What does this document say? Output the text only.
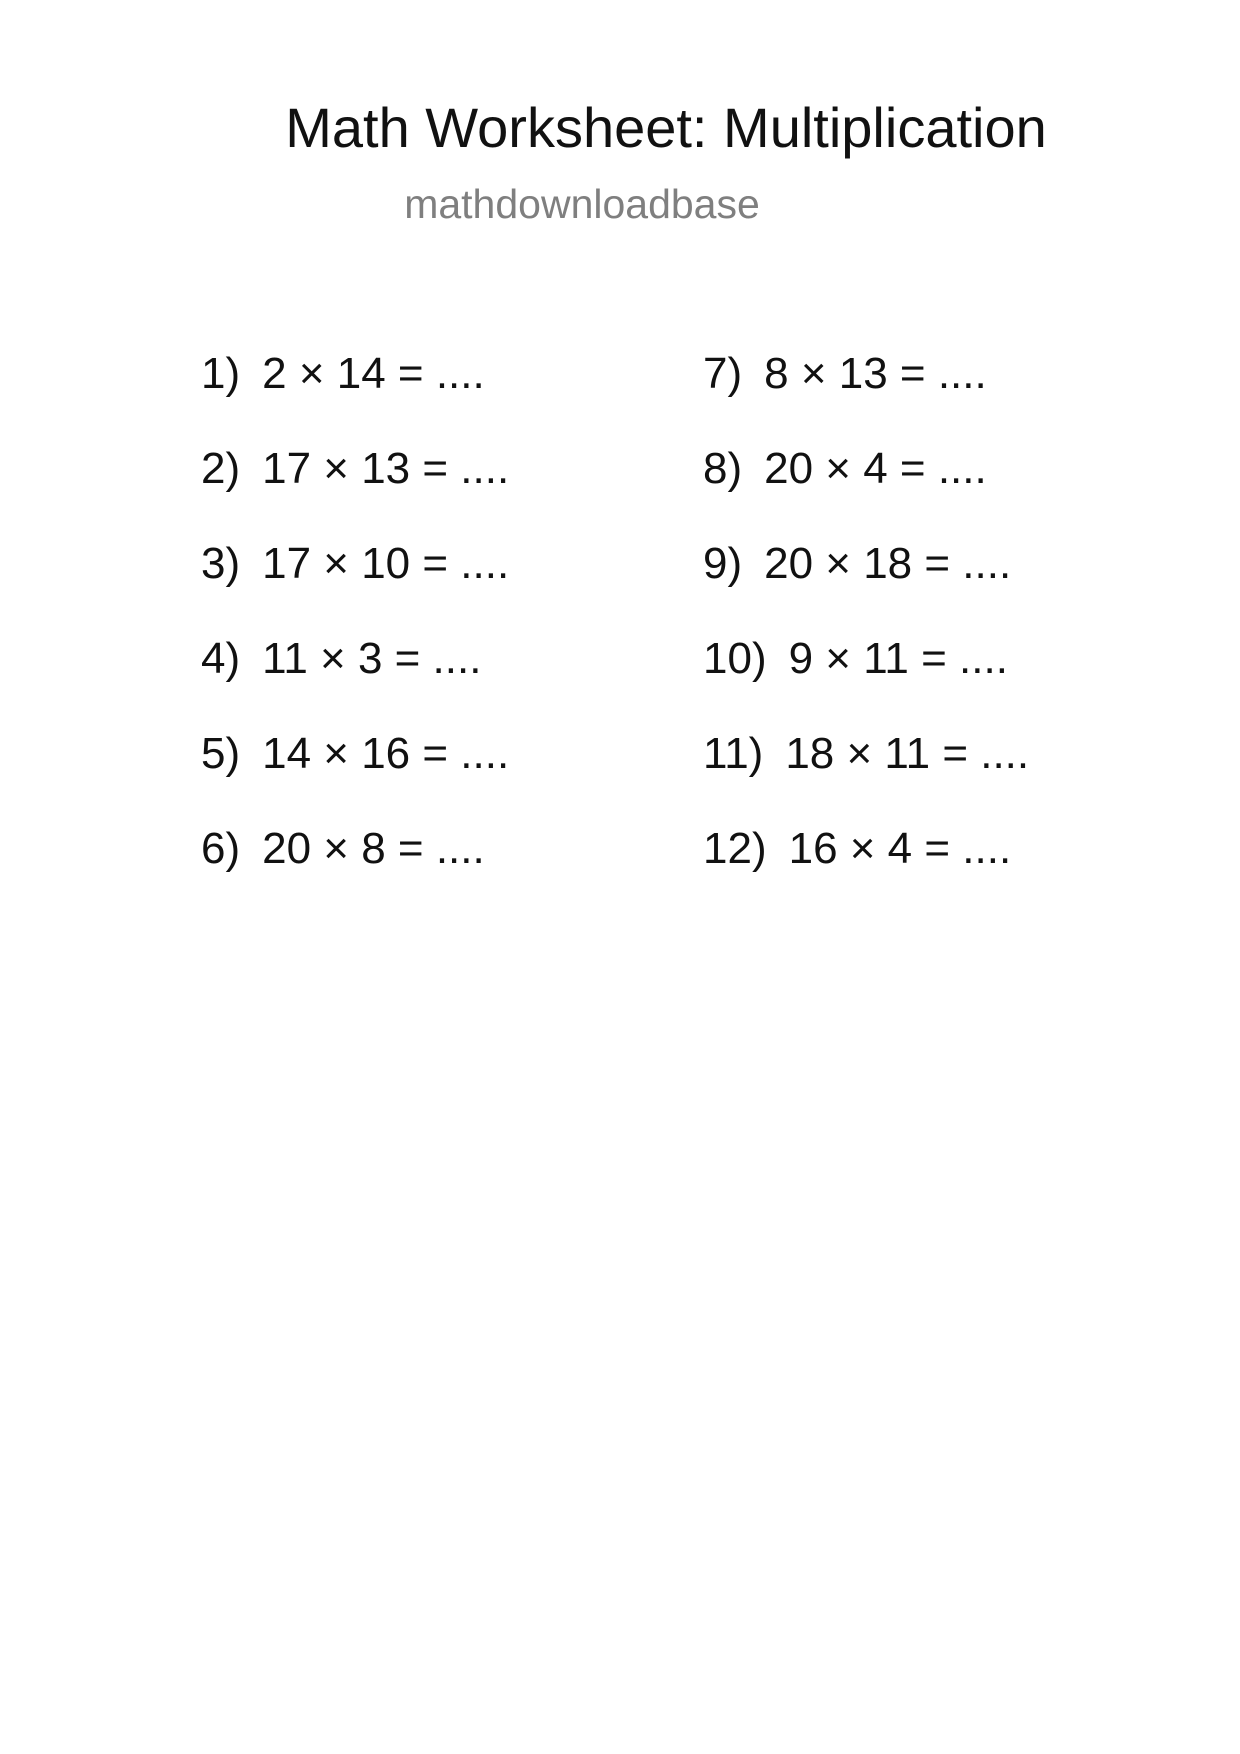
Math Worksheet: Multiplication
mathdownloadbase
1) 2 × 14 = ....
2) 17 × 13 = ....
3) 17 × 10 = ....
4) 11 × 3 = ....
5) 14 × 16 = ....
6) 20 × 8 = ....
7) 8 × 13 = ....
8) 20 × 4 = ....
9) 20 × 18 = ....
10) 9 × 11 = ....
11) 18 × 11 = ....
12) 16 × 4 = ....
